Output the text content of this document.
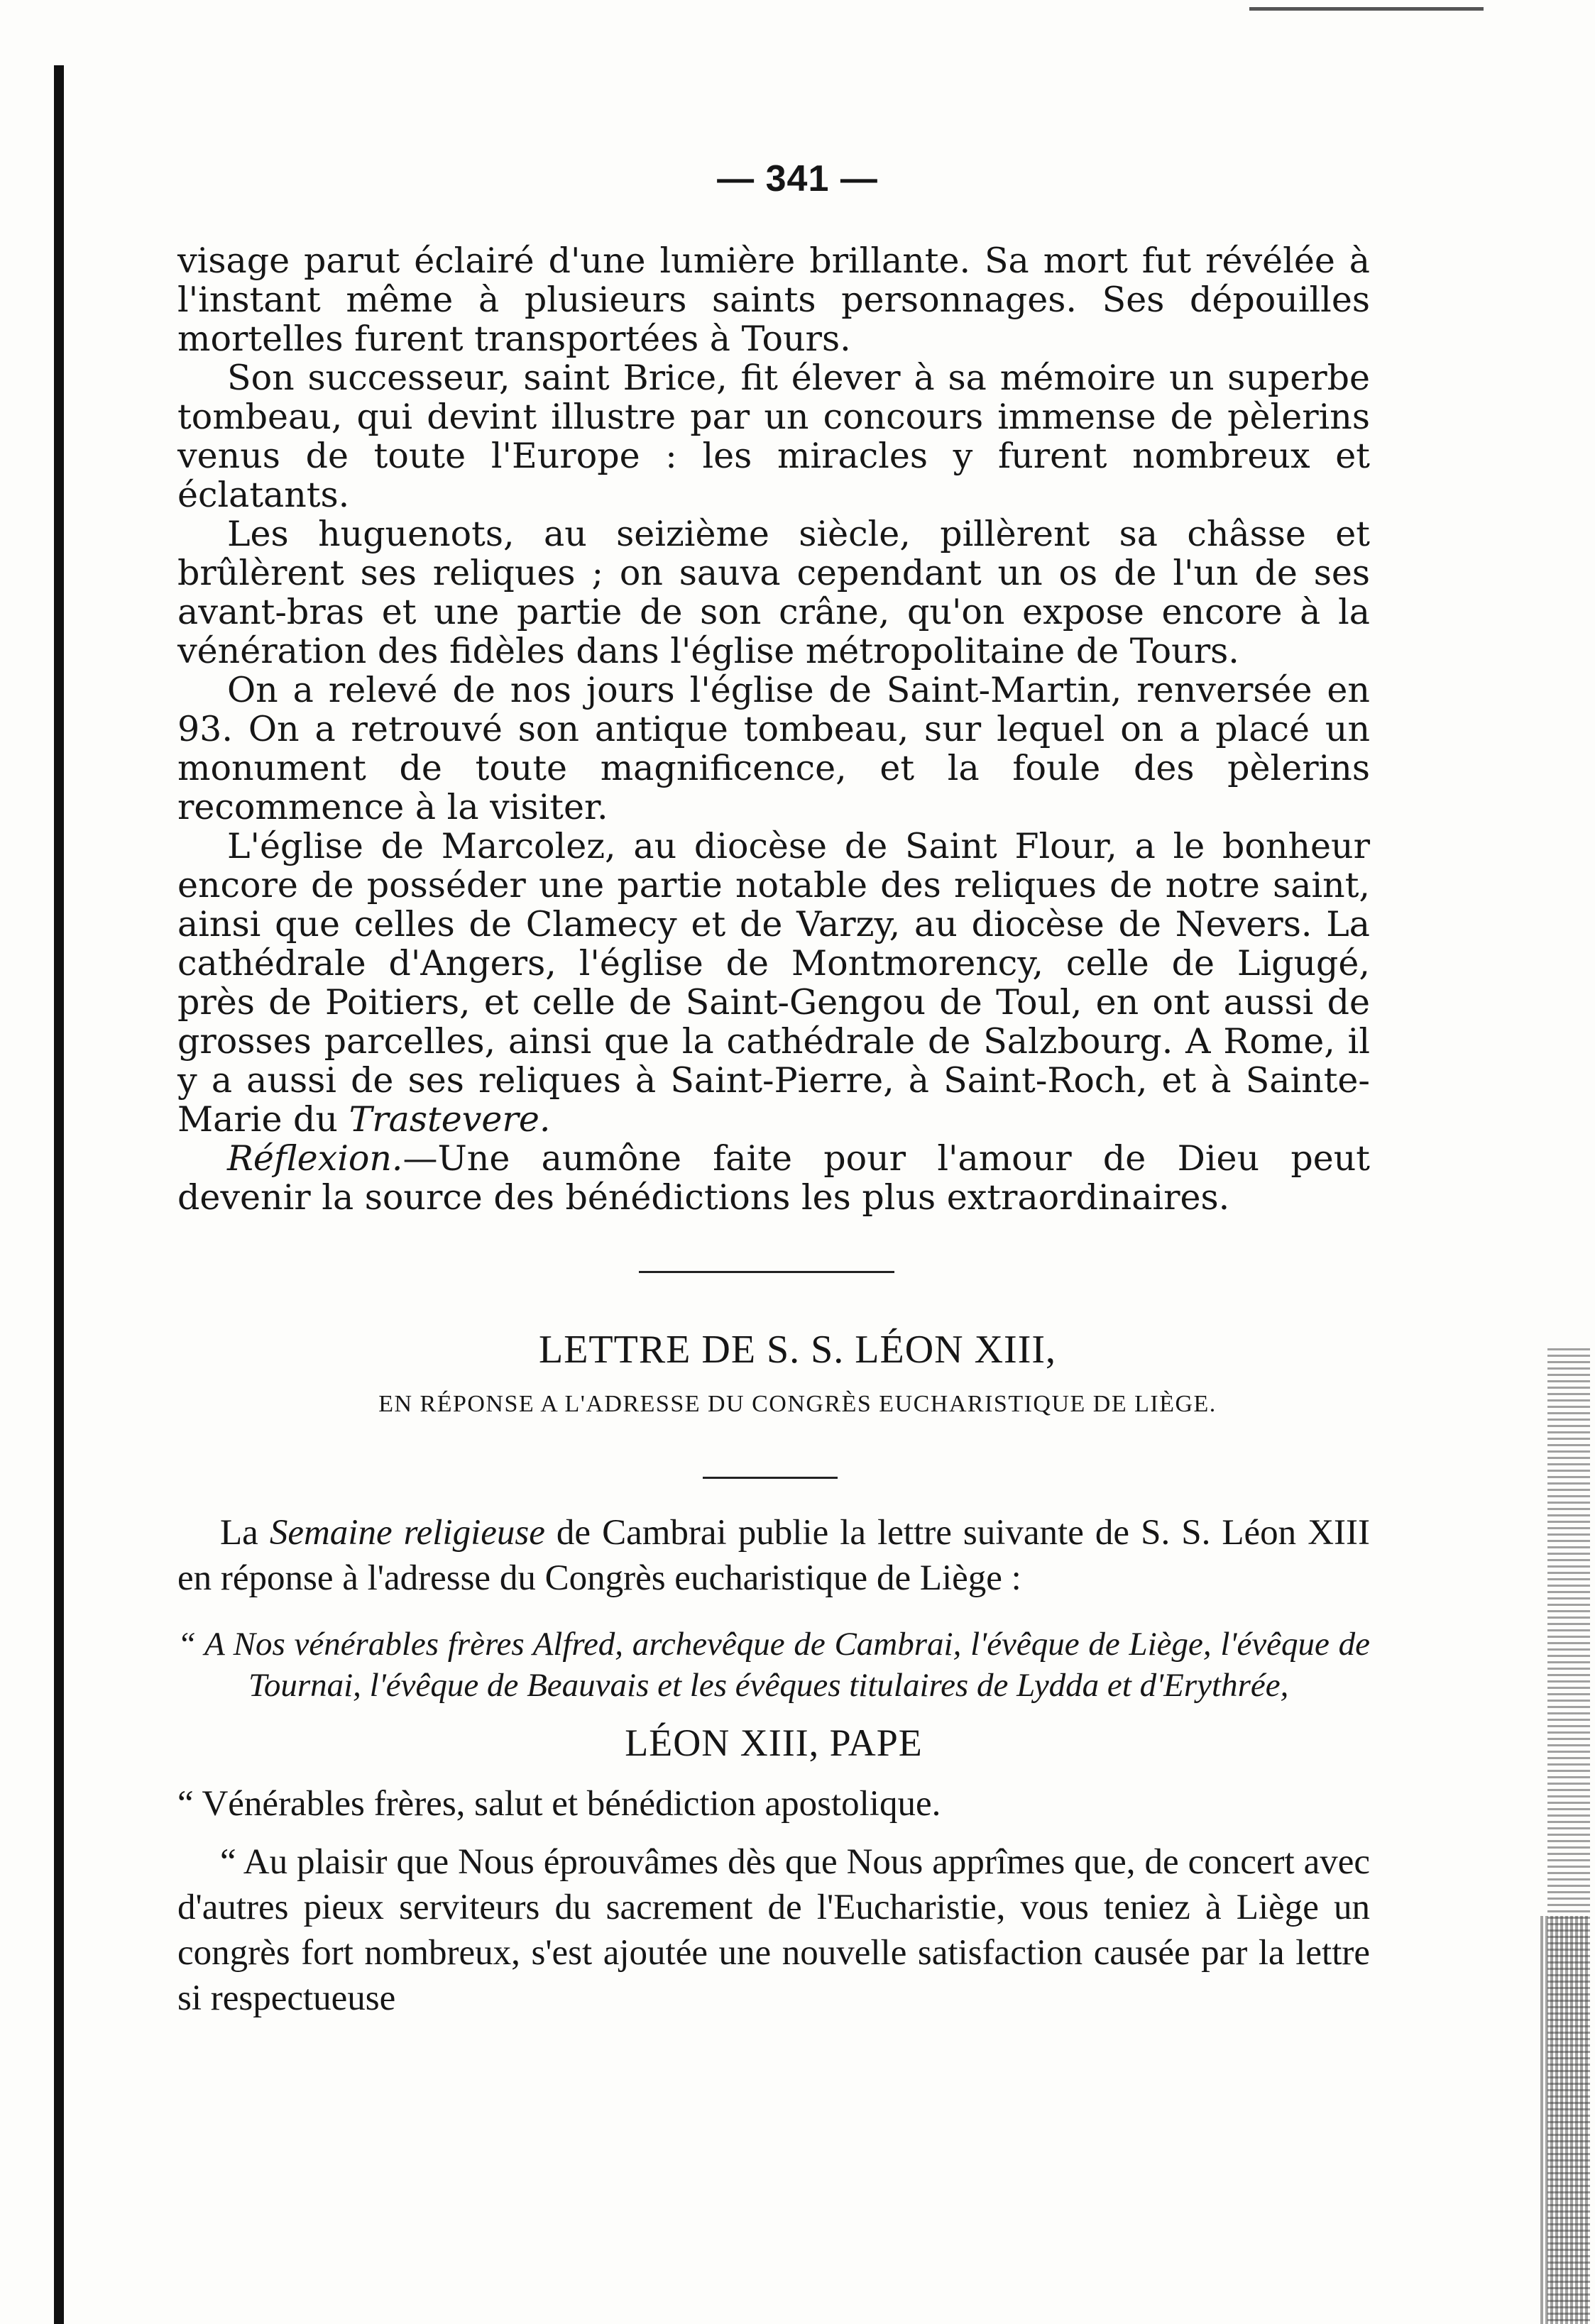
— 341 —

visage parut éclairé d'une lumière brillante. Sa mort fut révélée à l'instant même à plusieurs saints personnages. Ses dépouilles mortelles furent transportées à Tours.

Son successeur, saint Brice, fit élever à sa mémoire un superbe tombeau, qui devint illustre par un concours immense de pèlerins venus de toute l'Europe : les miracles y furent nombreux et éclatants.

Les huguenots, au seizième siècle, pillèrent sa châsse et brûlèrent ses reliques ; on sauva cependant un os de l'un de ses avant-bras et une partie de son crâne, qu'on expose encore à la vénération des fidèles dans l'église métropolitaine de Tours.

On a relevé de nos jours l'église de Saint-Martin, renversée en 93. On a retrouvé son antique tombeau, sur lequel on a placé un monument de toute magnificence, et la foule des pèlerins recommence à la visiter.

L'église de Marcolez, au diocèse de Saint Flour, a le bonheur encore de posséder une partie notable des reliques de notre saint, ainsi que celles de Clamecy et de Varzy, au diocèse de Nevers. La cathédrale d'Angers, l'église de Montmorency, celle de Ligugé, près de Poitiers, et celle de Saint-Gengou de Toul, en ont aussi de grosses parcelles, ainsi que la cathédrale de Salzbourg. A Rome, il y a aussi de ses reliques à Saint-Pierre, à Saint-Roch, et à Sainte-Marie du Trastevere.

Réflexion.—Une aumône faite pour l'amour de Dieu peut devenir la source des bénédictions les plus extraordinaires.

LETTRE DE S. S. LÉON XIII,
EN RÉPONSE A L'ADRESSE DU CONGRÈS EUCHARISTIQUE DE LIÈGE.

La Semaine religieuse de Cambrai publie la lettre suivante de S. S. Léon XIII en réponse à l'adresse du Congrès eucharistique de Liège :

“ A Nos vénérables frères Alfred, archevêque de Cambrai, l'évêque de Liège, l'évêque de Tournai, l'évêque de Beauvais et les évêques titulaires de Lydda et d'Erythrée,

LÉON XIII, PAPE

“ Vénérables frères, salut et bénédiction apostolique.

“ Au plaisir que Nous éprouvâmes dès que Nous apprîmes que, de concert avec d'autres pieux serviteurs du sacrement de l'Eucharistie, vous teniez à Liège un congrès fort nombreux, s'est ajoutée une nouvelle satisfaction causée par la lettre si respectueuse
